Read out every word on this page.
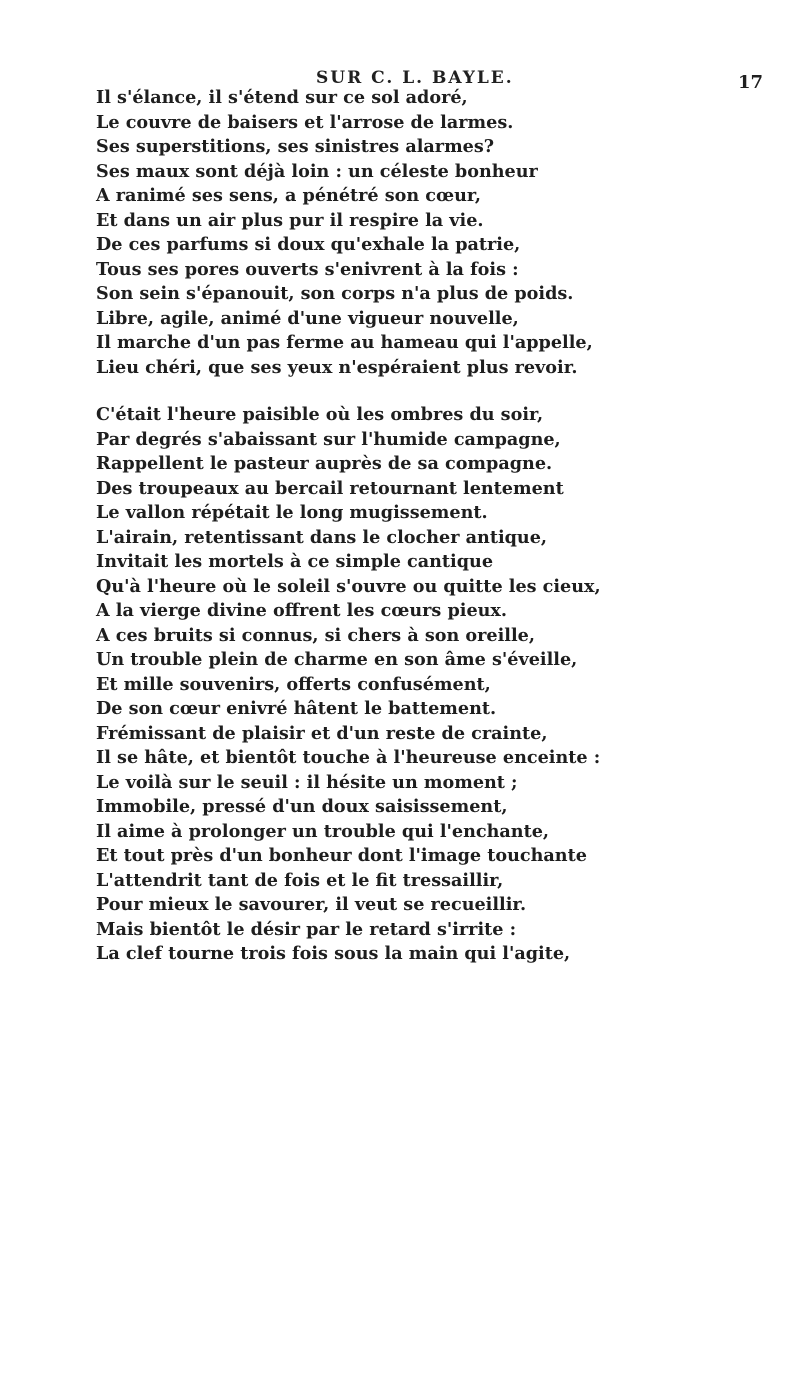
SUR C. L. BAYLE.	17
Il s'élance, il s'étend sur ce sol adoré,
Le couvre de baisers et l'arrose de larmes.
Ses superstitions, ses sinistres alarmes?
Ses maux sont déjà loin : un céleste bonheur
A ranimé ses sens, a pénétré son cœur,
Et dans un air plus pur il respire la vie.
De ces parfums si doux qu'exhale la patrie,
Tous ses pores ouverts s'enivrent à la fois :
Son sein s'épanouit, son corps n'a plus de poids.
Libre, agile, animé d'une vigueur nouvelle,
Il marche d'un pas ferme au hameau qui l'appelle,
Lieu chéri, que ses yeux n'espéraient plus revoir.
C'était l'heure paisible où les ombres du soir,
Par degrés s'abaissant sur l'humide campagne,
Rappellent le pasteur auprès de sa compagne.
Des troupeaux au bercail retournant lentement
Le vallon répétait le long mugissement.
L'airain, retentissant dans le clocher antique,
Invitait les mortels à ce simple cantique
Qu'à l'heure où le soleil s'ouvre ou quitte les cieux,
A la vierge divine offrent les cœurs pieux.
A ces bruits si connus, si chers à son oreille,
Un trouble plein de charme en son âme s'éveille,
Et mille souvenirs, offerts confusément,
De son cœur enivré hâtent le battement.
Frémissant de plaisir et d'un reste de crainte,
Il se hâte, et bientôt touche à l'heureuse enceinte :
Le voilà sur le seuil : il hésite un moment ;
Immobile, pressé d'un doux saisissement,
Il aime à prolonger un trouble qui l'enchante,
Et tout près d'un bonheur dont l'image touchante
L'attendrit tant de fois et le fit tressaillir,
Pour mieux le savourer, il veut se recueillir.
Mais bientôt le désir par le retard s'irrite :
La clef tourne trois fois sous la main qui l'agite,
